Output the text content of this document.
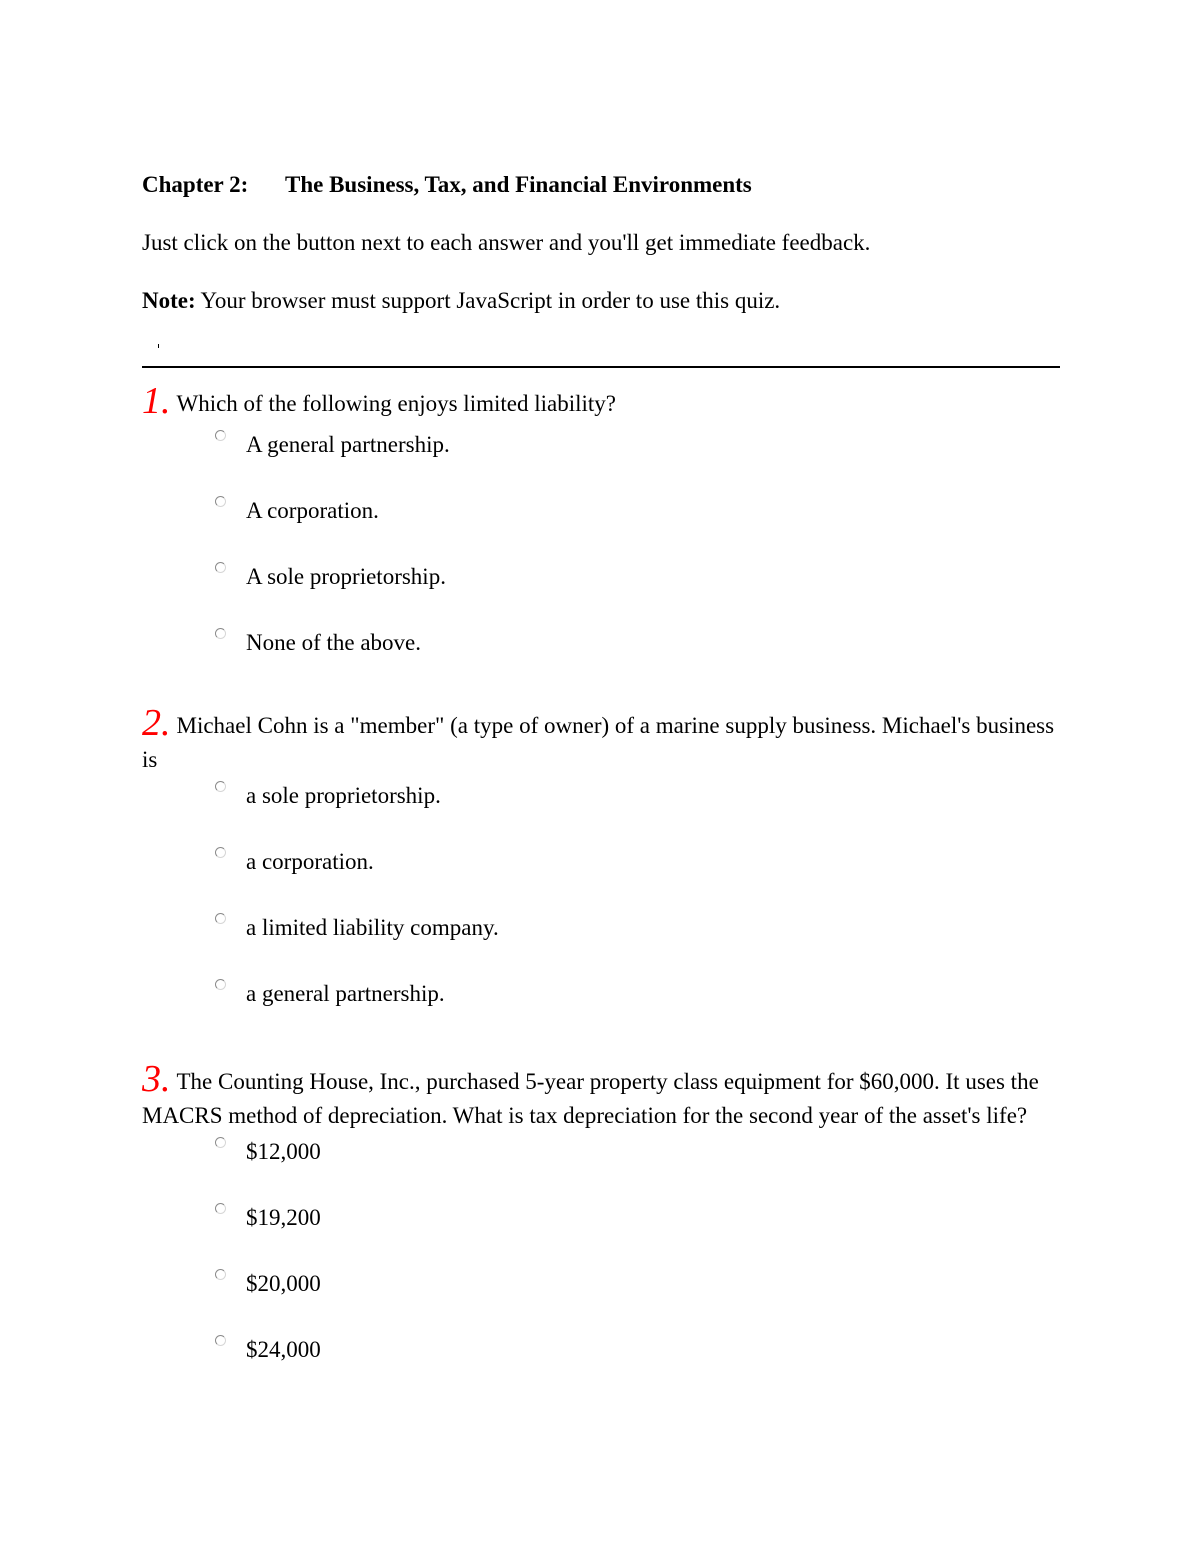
Chapter 2: The Business, Tax, and Financial Environments

Just click on the button next to each answer and you'll get immediate feedback.

Note: Your browser must support JavaScript in order to use this quiz.

1. Which of the following enjoys limited liability?

A general partnership.
A corporation.
A sole proprietorship.
None of the above.

2. Michael Cohn is a "member" (a type of owner) of a marine supply business. Michael's business is

a sole proprietorship.
a corporation.
a limited liability company.
a general partnership.

3. The Counting House, Inc., purchased 5-year property class equipment for $60,000. It uses the MACRS method of depreciation. What is tax depreciation for the second year of the asset's life?

$12,000
$19,200
$20,000
$24,000
